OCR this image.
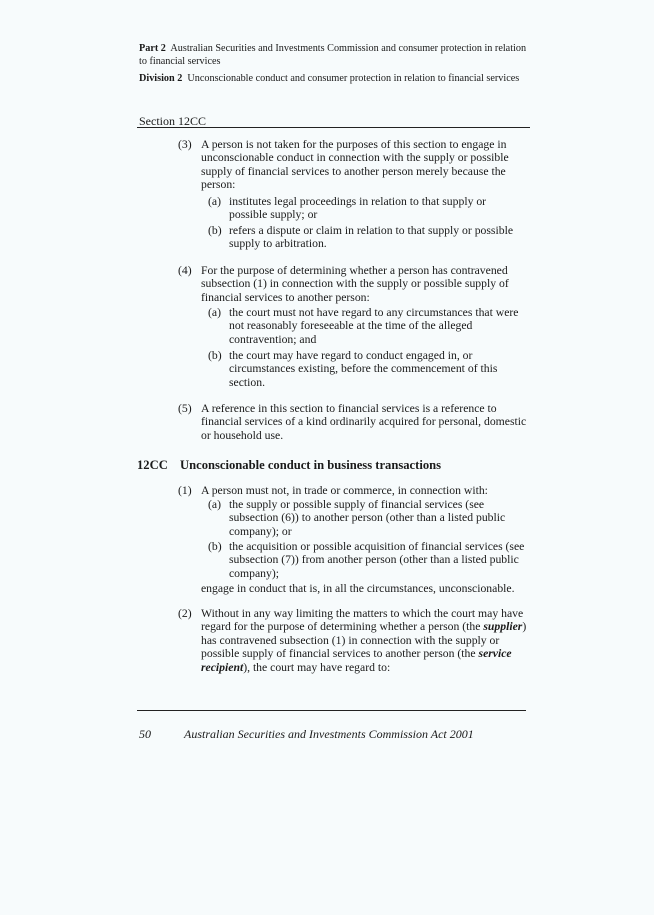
Part 2 Australian Securities and Investments Commission and consumer protection in relation to financial services
Division 2 Unconscionable conduct and consumer protection in relation to financial services
Section 12CC
(3) A person is not taken for the purposes of this section to engage in unconscionable conduct in connection with the supply or possible supply of financial services to another person merely because the person:
(a) institutes legal proceedings in relation to that supply or possible supply; or
(b) refers a dispute or claim in relation to that supply or possible supply to arbitration.
(4) For the purpose of determining whether a person has contravened subsection (1) in connection with the supply or possible supply of financial services to another person:
(a) the court must not have regard to any circumstances that were not reasonably foreseeable at the time of the alleged contravention; and
(b) the court may have regard to conduct engaged in, or circumstances existing, before the commencement of this section.
(5) A reference in this section to financial services is a reference to financial services of a kind ordinarily acquired for personal, domestic or household use.
12CC Unconscionable conduct in business transactions
(1) A person must not, in trade or commerce, in connection with:
(a) the supply or possible supply of financial services (see subsection (6)) to another person (other than a listed public company); or
(b) the acquisition or possible acquisition of financial services (see subsection (7)) from another person (other than a listed public company);
engage in conduct that is, in all the circumstances, unconscionable.
(2) Without in any way limiting the matters to which the court may have regard for the purpose of determining whether a person (the supplier) has contravened subsection (1) in connection with the supply or possible supply of financial services to another person (the service recipient), the court may have regard to:
50	Australian Securities and Investments Commission Act 2001
